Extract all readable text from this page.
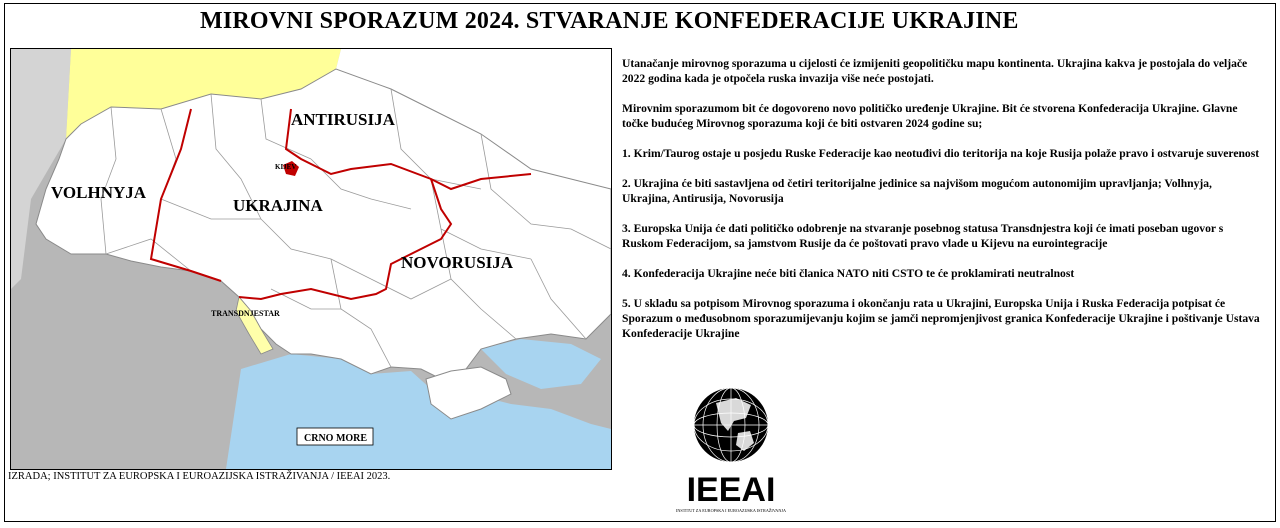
MIROVNI SPORAZUM 2024. STVARANJE KONFEDERACIJE UKRAJINE
ANTIRUSIJA
VOLHNYJA
UKRAJINA
NOVORUSIJA
KIJEV
TRANSDNJESTAR
CRNO MORE
IZRADA; INSTITUT ZA EUROPSKA I EUROAZIJSKA ISTRAŽIVANJA / IEEAI 2023.

Utanačanje mirovnog sporazuma u cijelosti će izmijeniti geopolitičku mapu kontinenta. Ukrajina kakva je postojala do veljače 2022 godina kada je otpočela ruska invazija više neće postojati.

Mirovnim sporazumom bit će dogovoreno novo političko uređenje Ukrajine. Bit će stvorena Konfederacija Ukrajine. Glavne točke budućeg Mirovnog sporazuma koji će biti ostvaren 2024 godine su;

1. Krim/Taurog ostaje u posjedu Ruske Federacije kao neotuđivi dio teritorija na koje Rusija polaže pravo i ostvaruje suverenost

2. Ukrajina će biti sastavljena od četiri teritorijalne jedinice sa najvišom mogućom autonomijim upravljanja; Volhnyja, Ukrajina, Antirusija, Novorusija

3. Europska Unija će dati političko odobrenje na stvaranje posebnog statusa Transdnjestra koji će imati poseban ugovor s Ruskom Federacijom, sa jamstvom Rusije da će poštovati pravo vlade u Kijevu na eurointegracije

4. Konfederacija Ukrajine neće biti članica NATO niti CSTO te će proklamirati neutralnost

5. U skladu sa potpisom Mirovnog sporazuma i okončanju rata u Ukrajini, Europska Unija i Ruska Federacija potpisat će Sporazum o međusobnom sporazumijevanju kojim se jamči nepromjenjivost granica Konfederacije Ukrajine i poštivanje Ustava Konfederacije Ukrajine

IEEAI
INSTITUT ZA EUROPSKA I EUROAZIJSKA ISTRAŽIVANJA
